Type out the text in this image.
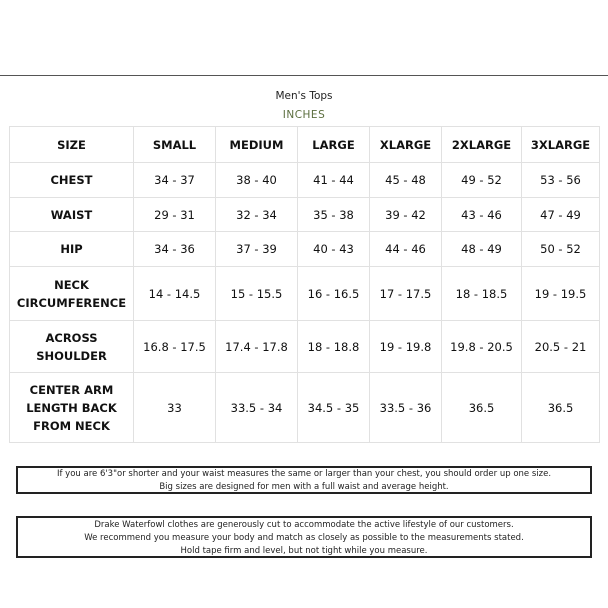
Men's Tops
INCHES
SIZE	SMALL	MEDIUM	LARGE	XLARGE	2XLARGE	3XLARGE
CHEST	34 - 37	38 - 40	41 - 44	45 - 48	49 - 52	53 - 56
WAIST	29 - 31	32 - 34	35 - 38	39 - 42	43 - 46	47 - 49
HIP	34 - 36	37 - 39	40 - 43	44 - 46	48 - 49	50 - 52
NECK
CIRCUMFERENCE	14 - 14.5	15 - 15.5	16 - 16.5	17 - 17.5	18 - 18.5	19 - 19.5
ACROSS
SHOULDER	16.8 - 17.5	17.4 - 17.8	18 - 18.8	19 - 19.8	19.8 - 20.5	20.5 - 21
CENTER ARM
LENGTH BACK
FROM NECK	33	33.5 - 34	34.5 - 35	33.5 - 36	36.5	36.5
If you are 6'3"or shorter and your waist measures the same or larger than your chest, you should order up one size.
Big sizes are designed for men with a full waist and average height.
Drake Waterfowl clothes are generously cut to accommodate the active lifestyle of our customers.
We recommend you measure your body and match as closely as possible to the measurements stated.
Hold tape firm and level, but not tight while you measure.
